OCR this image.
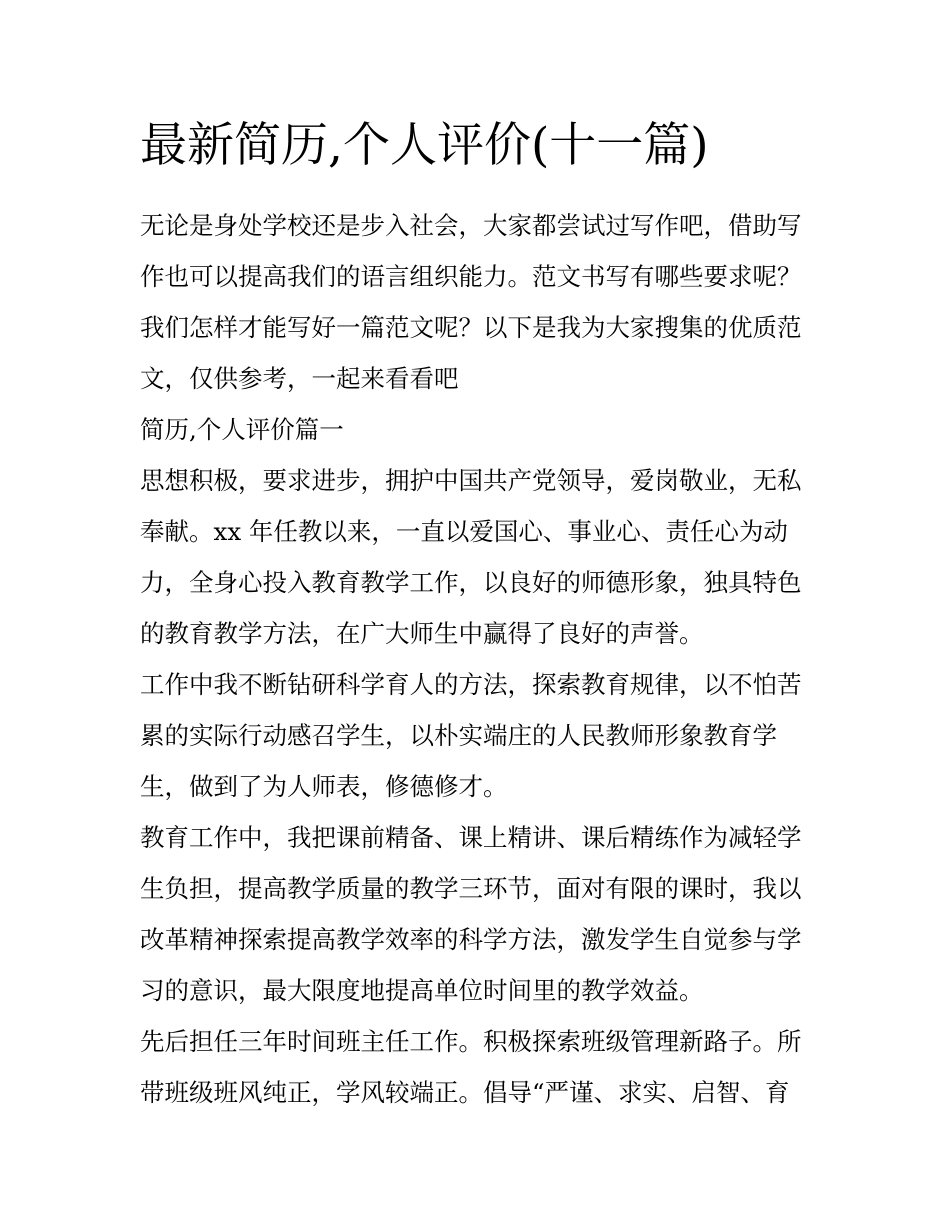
最新简历,个人评价(十一篇)
无论是身处学校还是步入社会，大家都尝试过写作吧，借助写
作也可以提高我们的语言组织能力。范文书写有哪些要求呢？
我们怎样才能写好一篇范文呢？以下是我为大家搜集的优质范
文，仅供参考，一起来看看吧
简历,个人评价篇一
思想积极，要求进步，拥护中国共产党领导，爱岗敬业，无私
奉献。xx 年任教以来，一直以爱国心、事业心、责任心为动
力，全身心投入教育教学工作，以良好的师德形象，独具特色
的教育教学方法，在广大师生中赢得了良好的声誉。
工作中我不断钻研科学育人的方法，探索教育规律，以不怕苦
累的实际行动感召学生，以朴实端庄的人民教师形象教育学
生，做到了为人师表，修德修才。
教育工作中，我把课前精备、课上精讲、课后精练作为减轻学
生负担，提高教学质量的教学三环节，面对有限的课时，我以
改革精神探索提高教学效率的科学方法，激发学生自觉参与学
习的意识，最大限度地提高单位时间里的教学效益。
先后担任三年时间班主任工作。积极探索班级管理新路子。所
带班级班风纯正，学风较端正。倡导“严谨、求实、启智、育
